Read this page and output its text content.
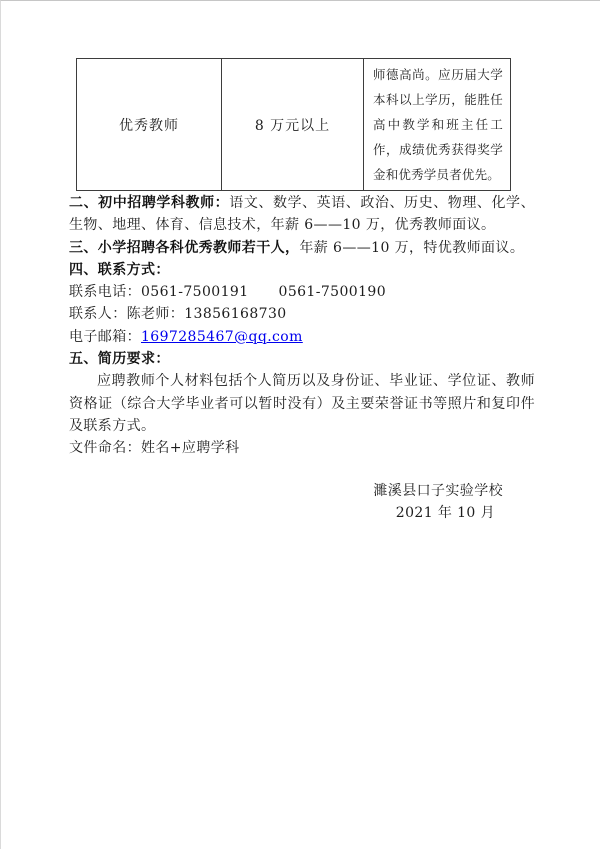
优秀教师	8 万元以上	师德高尚。应历届大学本科以上学历，能胜任高中教学和班主任工作，成绩优秀获得奖学金和优秀学员者优先。

二、初中招聘学科教师：语文、数学、英语、政治、历史、物理、化学、生物、地理、体育、信息技术，年薪 6——10 万，优秀教师面议。

三、小学招聘各科优秀教师若干人，年薪 6——10 万，特优教师面议。

四、联系方式：

联系电话：0561-7500191 0561-7500190

联系人：陈老师：13856168730

电子邮箱：1697285467@qq.com

五、简历要求：

应聘教师个人材料包括个人简历以及身份证、毕业证、学位证、教师资格证（综合大学毕业者可以暂时没有）及主要荣誉证书等照片和复印件及联系方式。

文件命名：姓名+应聘学科

濉溪县口子实验学校

2021 年 10 月
